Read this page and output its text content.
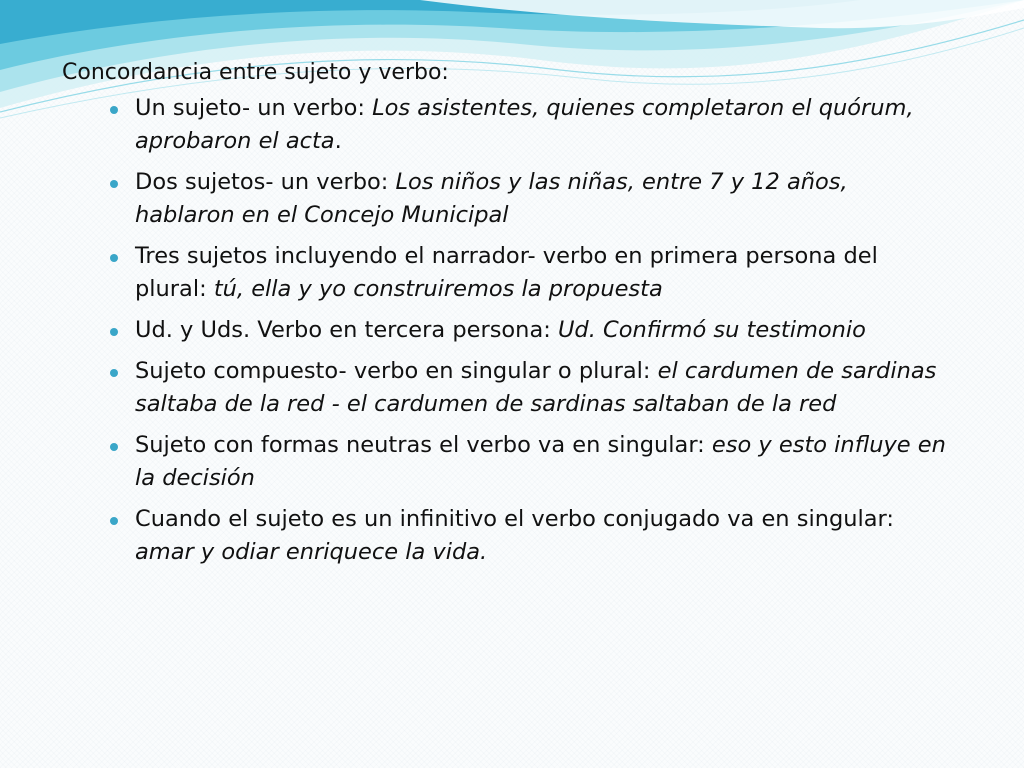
Concordancia entre sujeto y verbo:
Un sujeto- un verbo: Los asistentes, quienes completaron el quórum, aprobaron el acta.
Dos sujetos- un verbo: Los niños y las niñas, entre 7 y 12 años, hablaron en el Concejo Municipal
Tres sujetos incluyendo el narrador- verbo en primera persona del plural: tú, ella y yo construiremos la propuesta
Ud. y Uds. Verbo en tercera persona: Ud. Confirmó su testimonio
Sujeto compuesto- verbo en singular o plural: el cardumen de sardinas saltaba de la red - el cardumen de sardinas saltaban de la red
Sujeto con formas neutras el verbo va en singular: eso y esto influye en la decisión
Cuando el sujeto es un infinitivo el verbo conjugado va en singular: amar y odiar enriquece la vida.
